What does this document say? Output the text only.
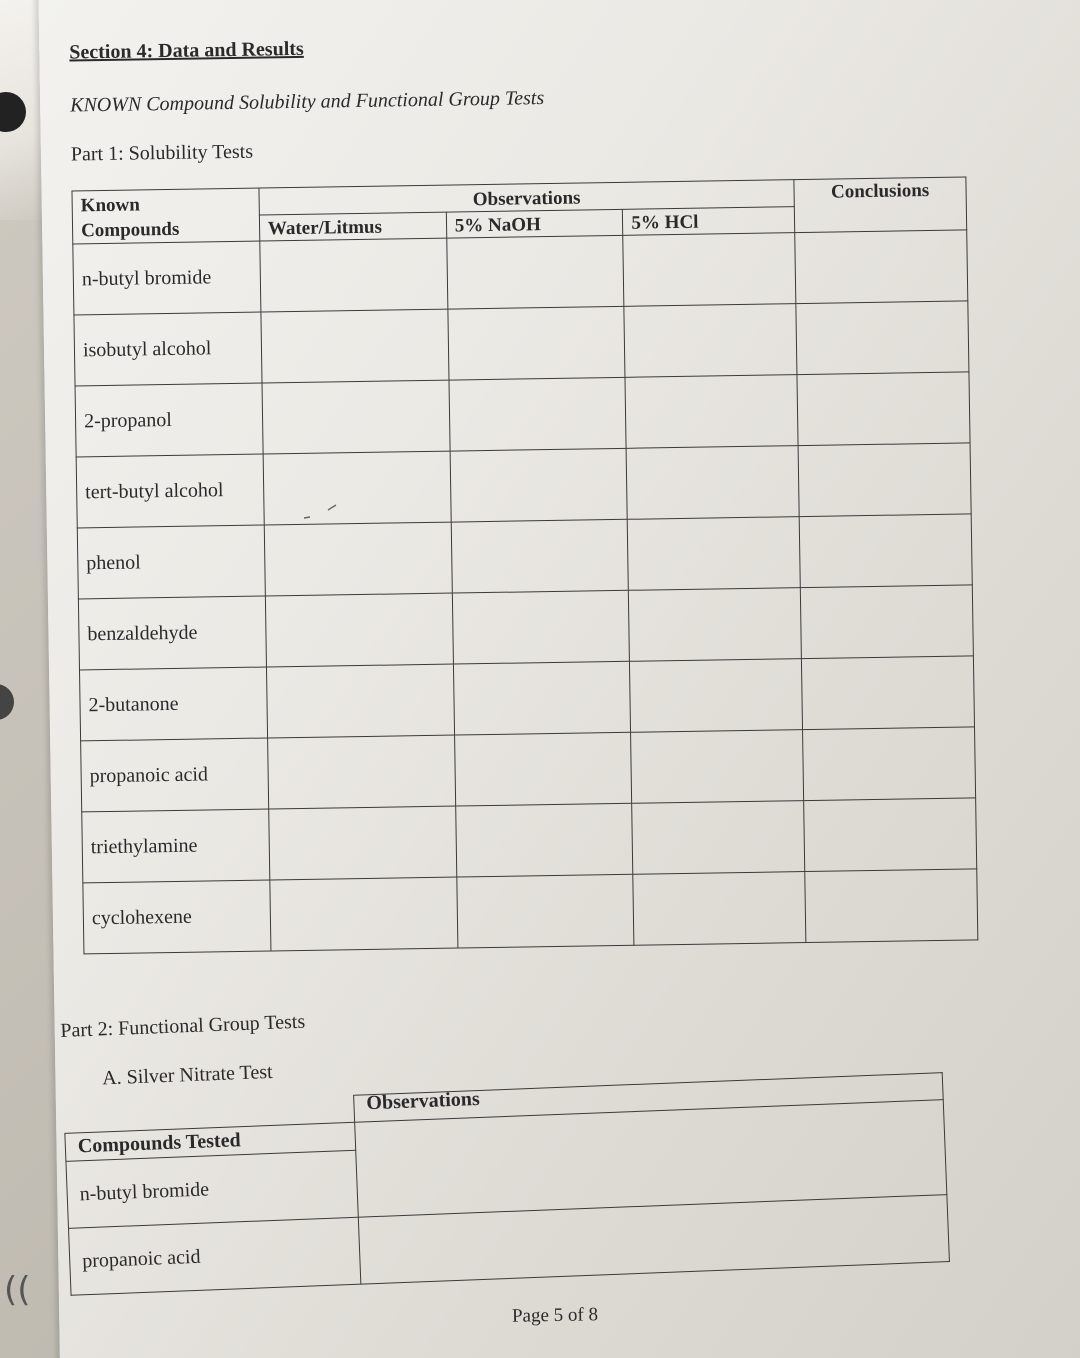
Section 4: Data and Results

KNOWN Compound Solubility and Functional Group Tests

Part 1: Solubility Tests

Known
Compounds	Observations			Conclusions
	Water/Litmus	5% NaOH	5% HCl	
n-butyl bromide				
isobutyl alcohol				
2-propanol				
tert-butyl alcohol				
phenol				
benzaldehyde				
2-butanone				
propanoic acid				
triethylamine				
cyclohexene				

Part 2: Functional Group Tests

A. Silver Nitrate Test

Compounds Tested	Observations
n-butyl bromide	
propanoic acid	
Page 5 of 8
((
